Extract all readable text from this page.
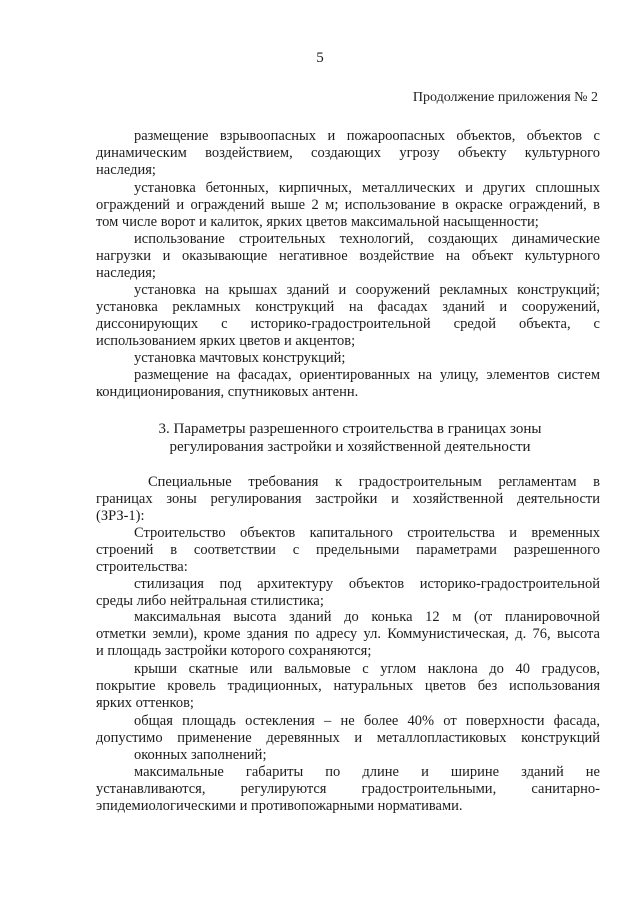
5
Продолжение приложения № 2

размещение взрывоопасных и пожароопасных объектов, объектов с
динамическим воздействием, создающих угрозу объекту культурного
наследия;

установка бетонных, кирпичных, металлических и других сплошных
ограждений и ограждений выше 2 м; использование в окраске ограждений, в
том числе ворот и калиток, ярких цветов максимальной насыщенности;

использование строительных технологий, создающих динамические
нагрузки и оказывающие негативное воздействие на объект культурного
наследия;

установка на крышах зданий и сооружений рекламных конструкций;

установка рекламных конструкций на фасадах зданий и сооружений,
диссонирующих с историко-градостроительной средой объекта, с
использованием ярких цветов и акцентов;

установка мачтовых конструкций;

размещение на фасадах, ориентированных на улицу, элементов систем
кондиционирования, спутниковых антенн.

3. Параметры разрешенного строительства в границах зоны
регулирования застройки и хозяйственной деятельности

Специальные требования к градостроительным регламентам в
границах зоны регулирования застройки и хозяйственной деятельности
(ЗРЗ-1):

Строительство объектов капитального строительства и временных
строений в соответствии с предельными параметрами разрешенного
строительства:

стилизация под архитектуру объектов историко-градостроительной
среды либо нейтральная стилистика;

максимальная высота зданий до конька 12 м (от планировочной
отметки земли), кроме здания по адресу ул. Коммунистическая, д. 76, высота
и площадь застройки которого сохраняются;

крыши скатные или вальмовые с углом наклона до 40 градусов,
покрытие кровель традиционных, натуральных цветов без использования
ярких оттенков;

общая площадь остекления – не более 40% от поверхности фасада,
допустимо применение деревянных и металлопластиковых конструкций
оконных заполнений;

максимальные габариты по длине и ширине зданий не
устанавливаются, регулируются градостроительными, санитарно-
эпидемиологическими и противопожарными нормативами.
